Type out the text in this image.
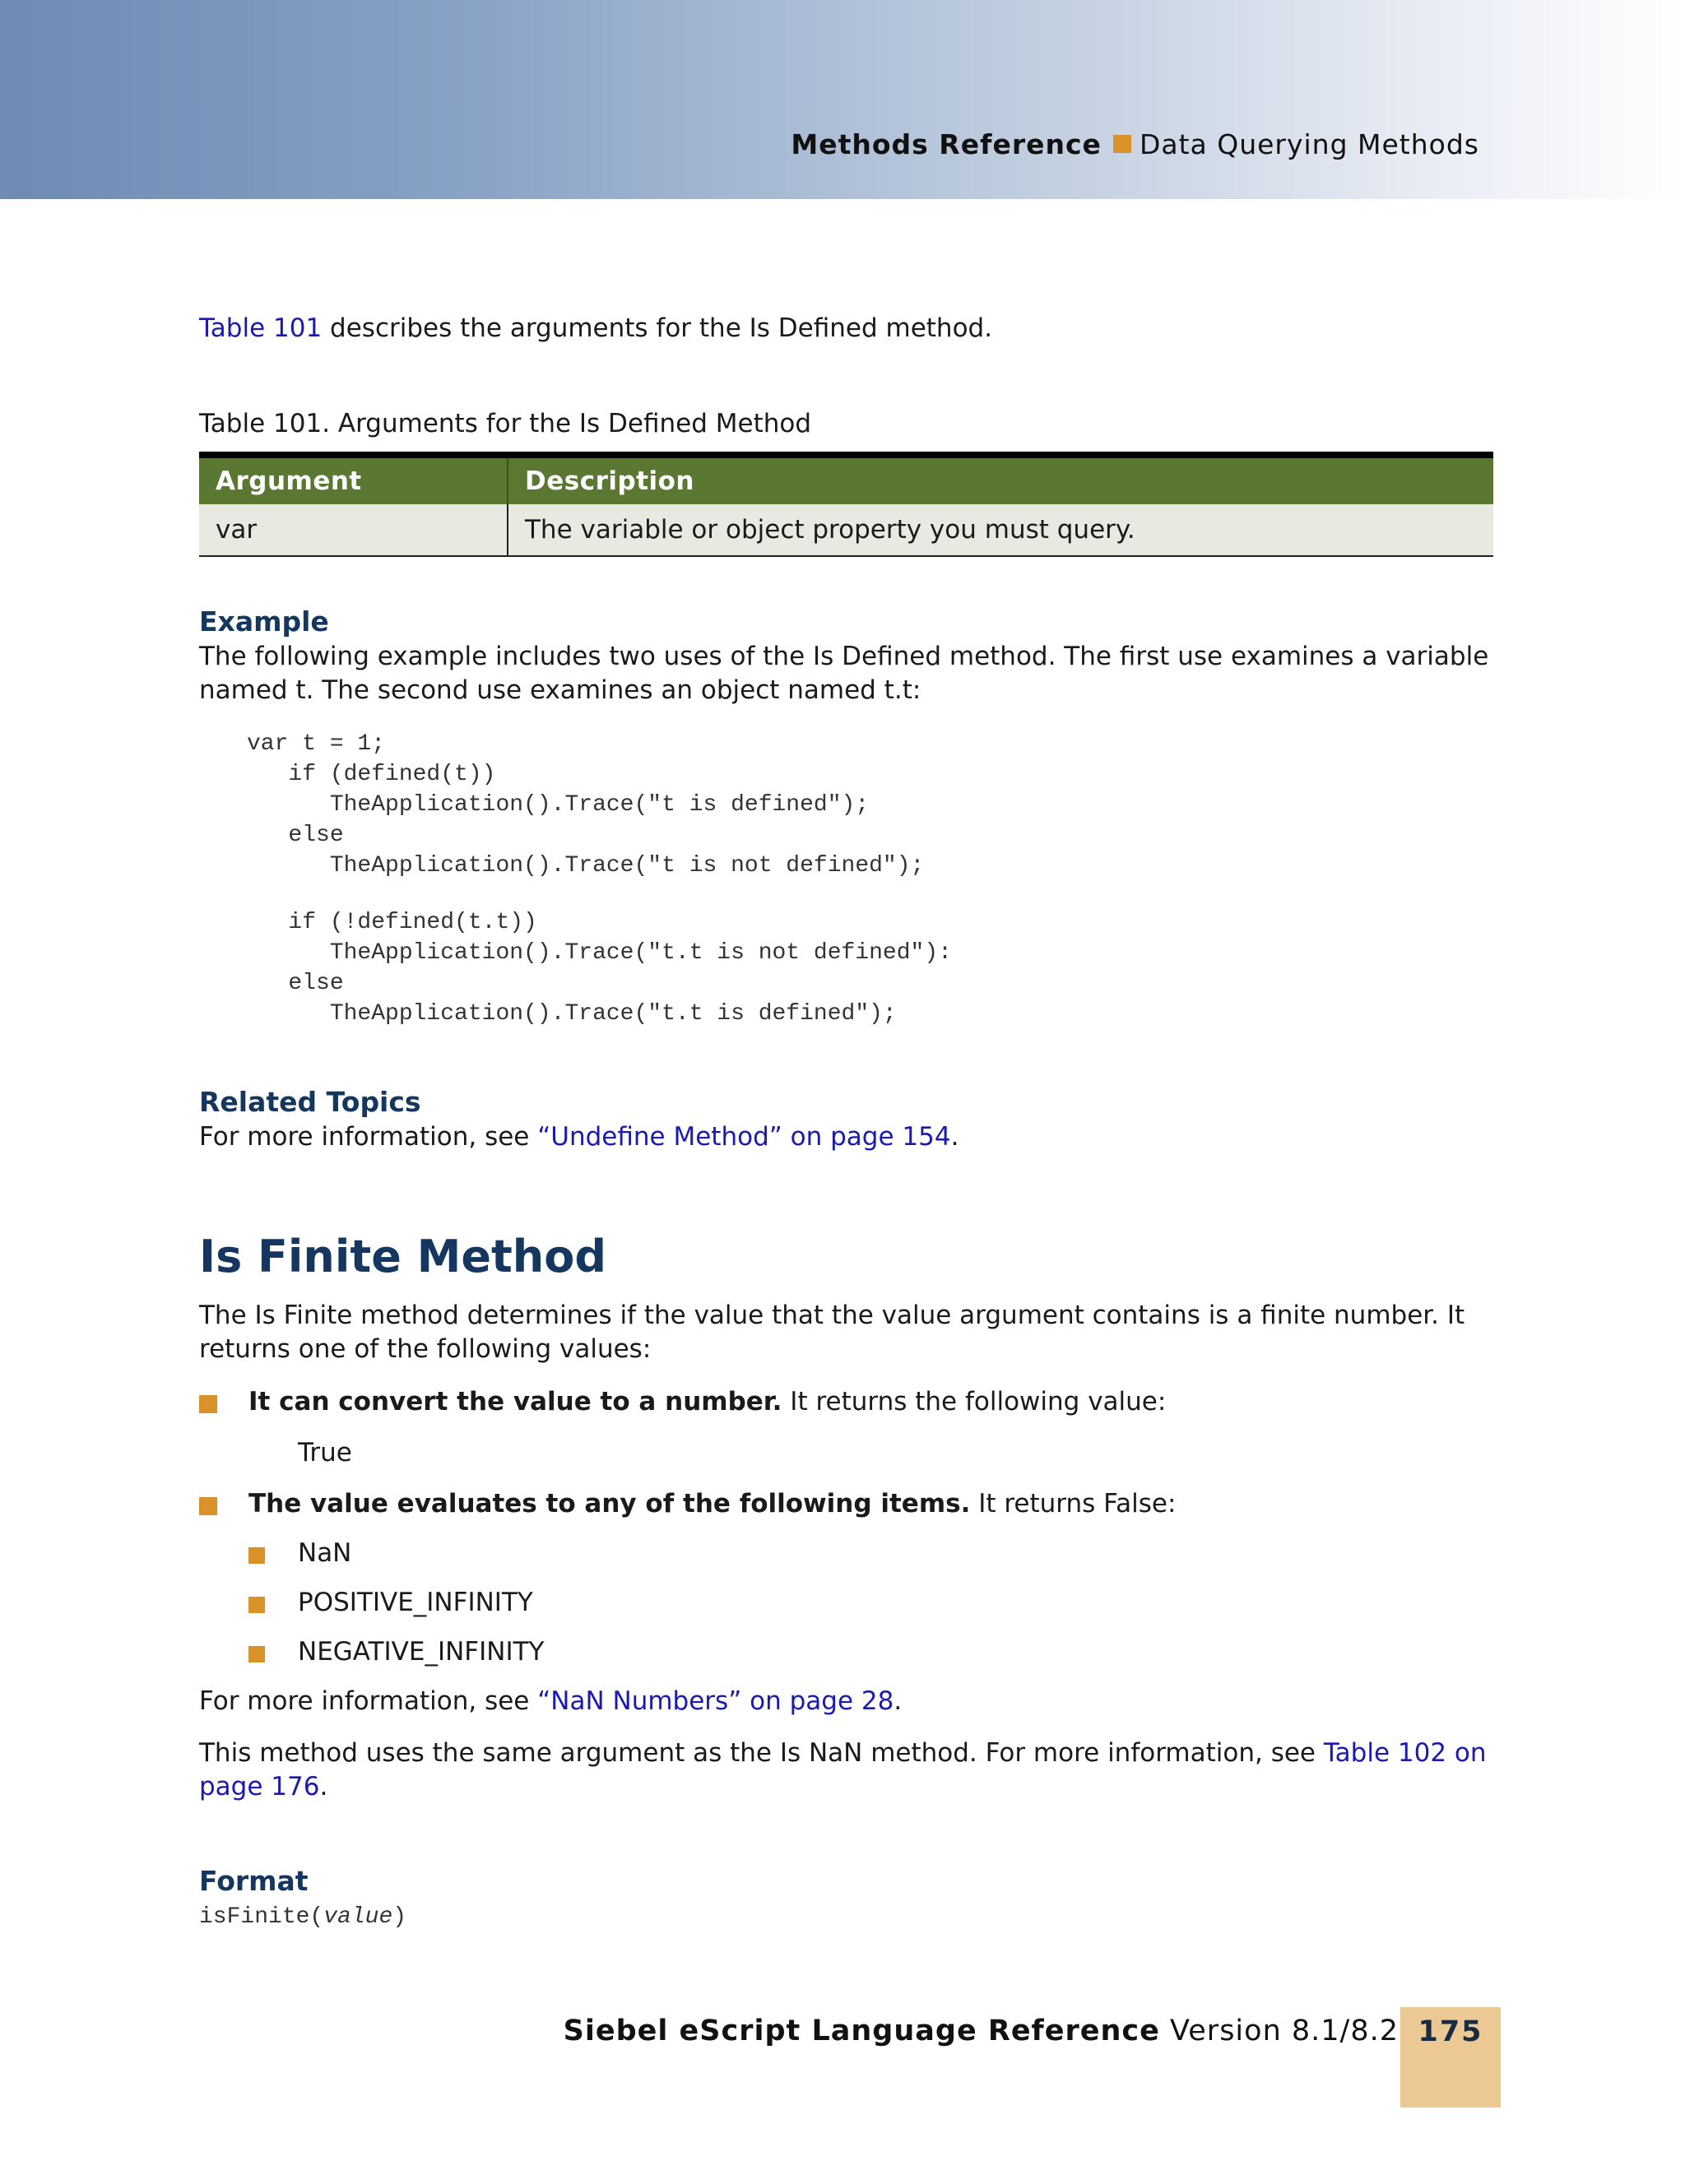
Methods Reference Data Querying Methods
Table 101 describes the arguments for the Is Defined method.
Table 101. Arguments for the Is Defined Method
Argument	Description
var	The variable or object property you must query.
Example
The following example includes two uses of the Is Defined method. The first use examines a variable named t. The second use examines an object named t.t:
var t = 1;
if (defined(t))
TheApplication().Trace("t is defined");
else
TheApplication().Trace("t is not defined");
if (!defined(t.t))
TheApplication().Trace("t.t is not defined"):
else
TheApplication().Trace("t.t is defined");
Related Topics
For more information, see “Undefine Method” on page 154.
Is Finite Method
The Is Finite method determines if the value that the value argument contains is a finite number. It returns one of the following values:
It can convert the value to a number. It returns the following value:
True
The value evaluates to any of the following items. It returns False:
NaN
POSITIVE_INFINITY
NEGATIVE_INFINITY
For more information, see “NaN Numbers” on page 28.
This method uses the same argument as the Is NaN method. For more information, see Table 102 on page 176.
Format
isFinite(value)
Siebel eScript Language Reference Version 8.1/8.2 175
